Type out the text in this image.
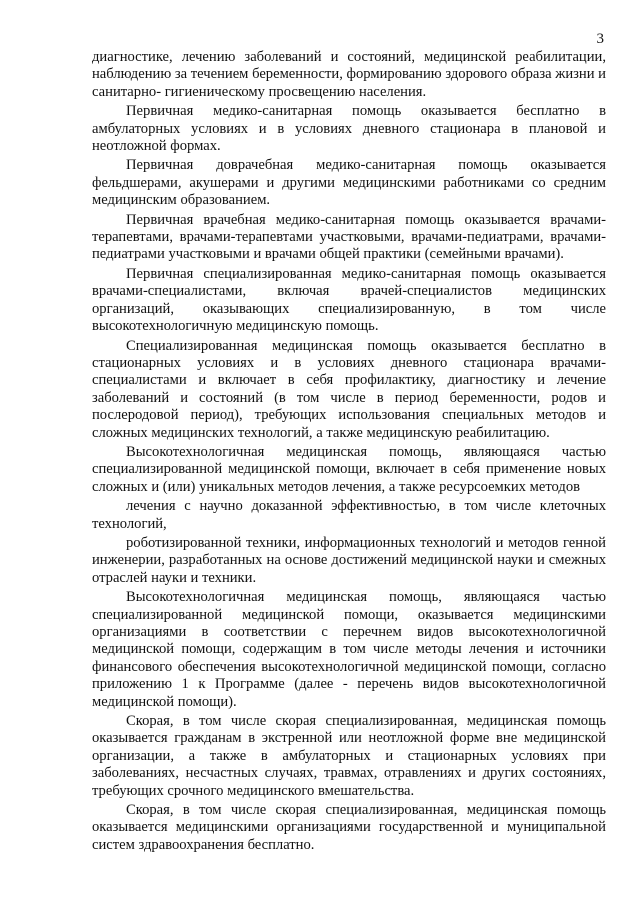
3

диагностике, лечению заболеваний и состояний, медицинской реабилитации, наблюдению за течением беременности, формированию здорового образа жизни и санитарно- гигиеническому просвещению населения.

Первичная медико-санитарная помощь оказывается бесплатно в амбулаторных условиях и в условиях дневного стационара в плановой и неотложной формах.

Первичная доврачебная медико-санитарная помощь оказывается фельдшерами, акушерами и другими медицинскими работниками со средним медицинским образованием.

Первичная врачебная медико-санитарная помощь оказывается врачами-терапевтами, врачами-терапевтами участковыми, врачами-педиатрами, врачами- педиатрами участковыми и врачами общей практики (семейными врачами).

Первичная специализированная медико-санитарная помощь оказывается врачами-специалистами, включая врачей-специалистов медицинских организаций, оказывающих специализированную, в том числе высокотехнологичную медицинскую помощь.

Специализированная медицинская помощь оказывается бесплатно в стационарных условиях и в условиях дневного стационара врачами-специалистами и включает в себя профилактику, диагностику и лечение заболеваний и состояний (в том числе в период беременности, родов и послеродовой период), требующих использования специальных методов и сложных медицинских технологий, а также медицинскую реабилитацию.

Высокотехнологичная медицинская помощь, являющаяся частью специализированной медицинской помощи, включает в себя применение новых сложных и (или) уникальных методов лечения, а также ресурсоемких методов

лечения с научно доказанной эффективностью, в том числе клеточных технологий,

роботизированной техники, информационных технологий и методов генной инженерии, разработанных на основе достижений медицинской науки и смежных отраслей науки и техники.

Высокотехнологичная медицинская помощь, являющаяся частью специализированной медицинской помощи, оказывается медицинскими организациями в соответствии с перечнем видов высокотехнологичной медицинской помощи, содержащим в том числе методы лечения и источники финансового обеспечения высокотехнологичной медицинской помощи, согласно приложению 1 к Программе (далее - перечень видов высокотехнологичной медицинской помощи).

Скорая, в том числе скорая специализированная, медицинская помощь оказывается гражданам в экстренной или неотложной форме вне медицинской организации, а также в амбулаторных и стационарных условиях при заболеваниях, несчастных случаях, травмах, отравлениях и других состояниях, требующих срочного медицинского вмешательства.

Скорая, в том числе скорая специализированная, медицинская помощь оказывается медицинскими организациями государственной и муниципальной систем здравоохранения бесплатно.
